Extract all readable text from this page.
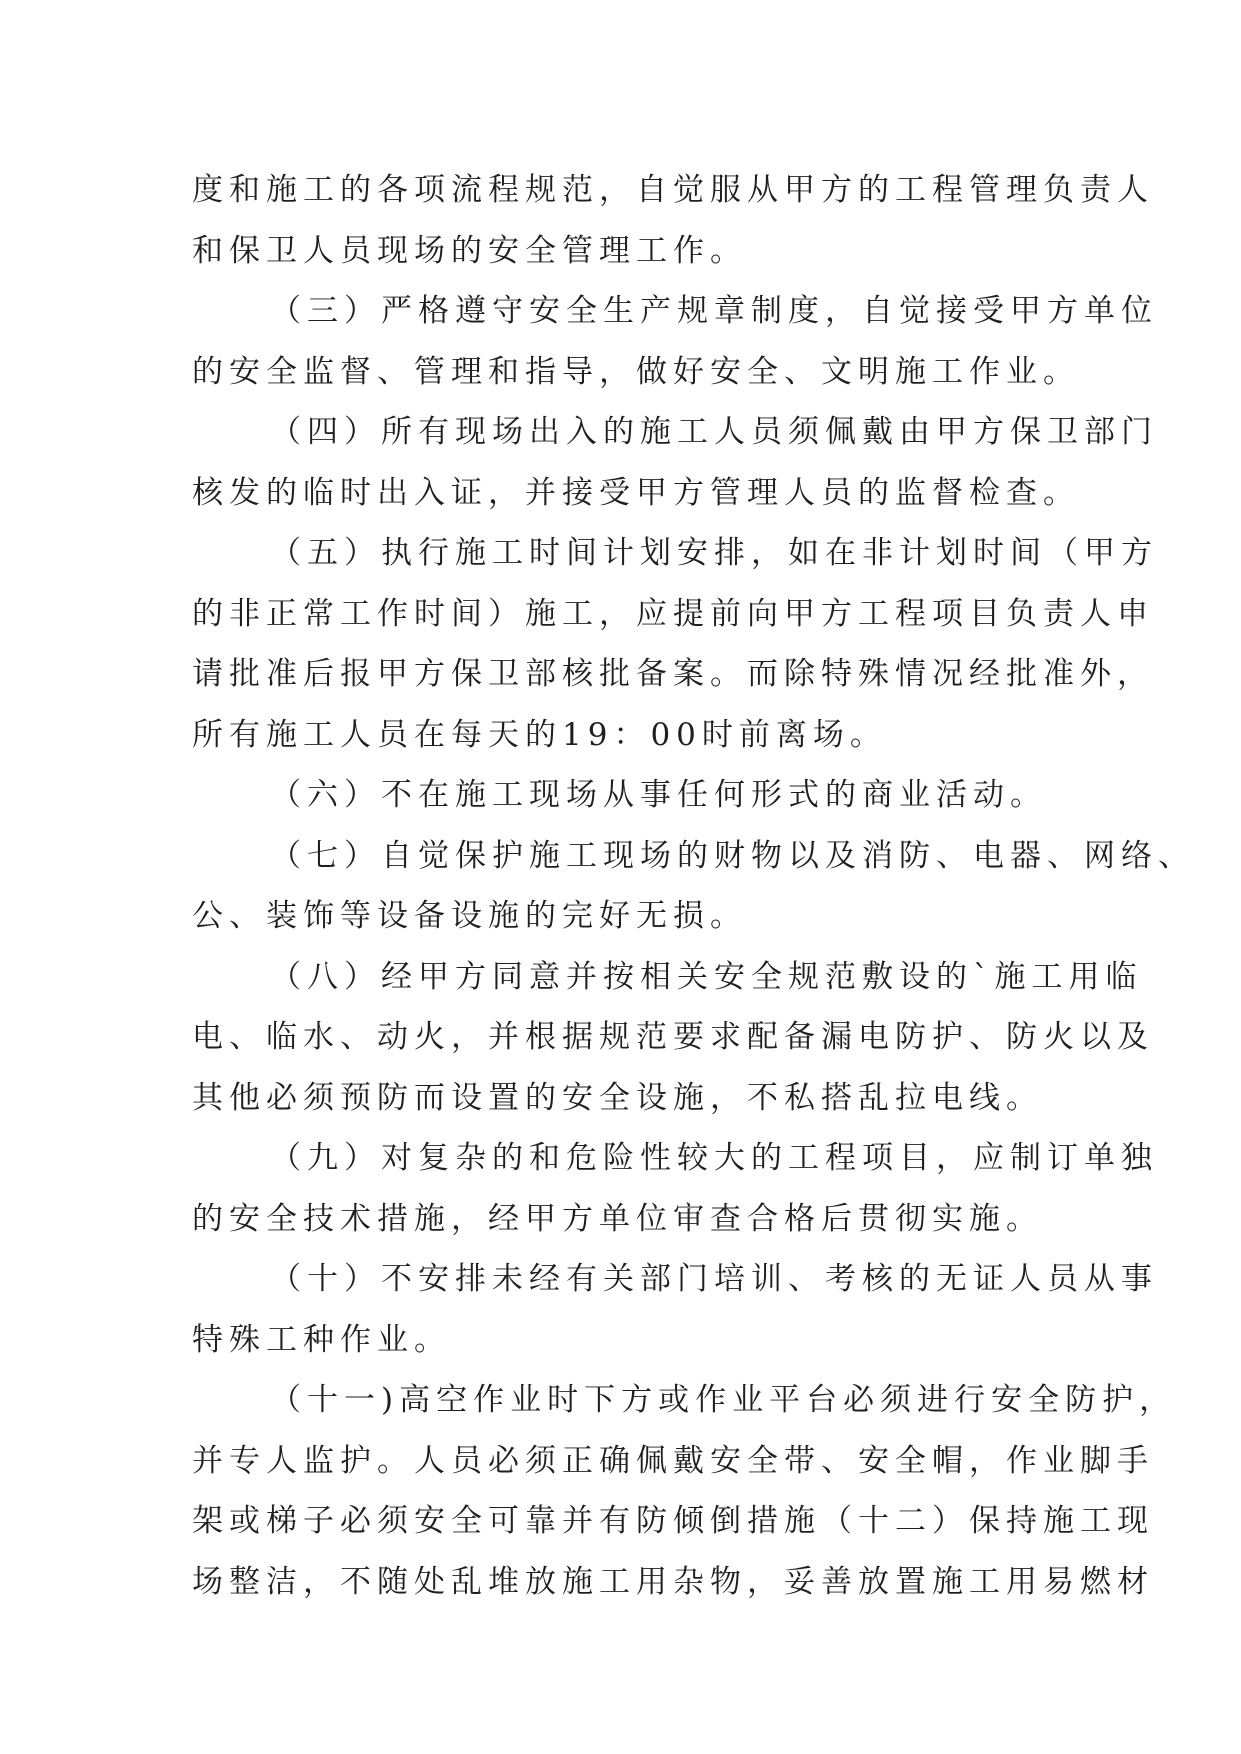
度和施工的各项流程规范，自觉服从甲方的工程管理负责人
和保卫人员现场的安全管理工作。
（三）严格遵守安全生产规章制度，自觉接受甲方单位
的安全监督、管理和指导，做好安全、文明施工作业。
（四）所有现场出入的施工人员须佩戴由甲方保卫部门
核发的临时出入证，并接受甲方管理人员的监督检查。
（五）执行施工时间计划安排，如在非计划时间（甲方
的非正常工作时间）施工，应提前向甲方工程项目负责人申
请批准后报甲方保卫部核批备案。而除特殊情况经批准外，
所有施工人员在每天的19：00时前离场。
（六）不在施工现场从事任何形式的商业活动。
（七）自觉保护施工现场的财物以及消防、电器、网络、
公、装饰等设备设施的完好无损。
（八）经甲方同意并按相关安全规范敷设的`施工用临
电、临水、动火，并根据规范要求配备漏电防护、防火以及
其他必须预防而设置的安全设施，不私搭乱拉电线。
（九）对复杂的和危险性较大的工程项目，应制订单独
的安全技术措施，经甲方单位审查合格后贯彻实施。
（十）不安排未经有关部门培训、考核的无证人员从事
特殊工种作业。
（十一)高空作业时下方或作业平台必须进行安全防护，
并专人监护。人员必须正确佩戴安全带、安全帽，作业脚手
架或梯子必须安全可靠并有防倾倒措施（十二）保持施工现
场整洁，不随处乱堆放施工用杂物，妥善放置施工用易燃材
